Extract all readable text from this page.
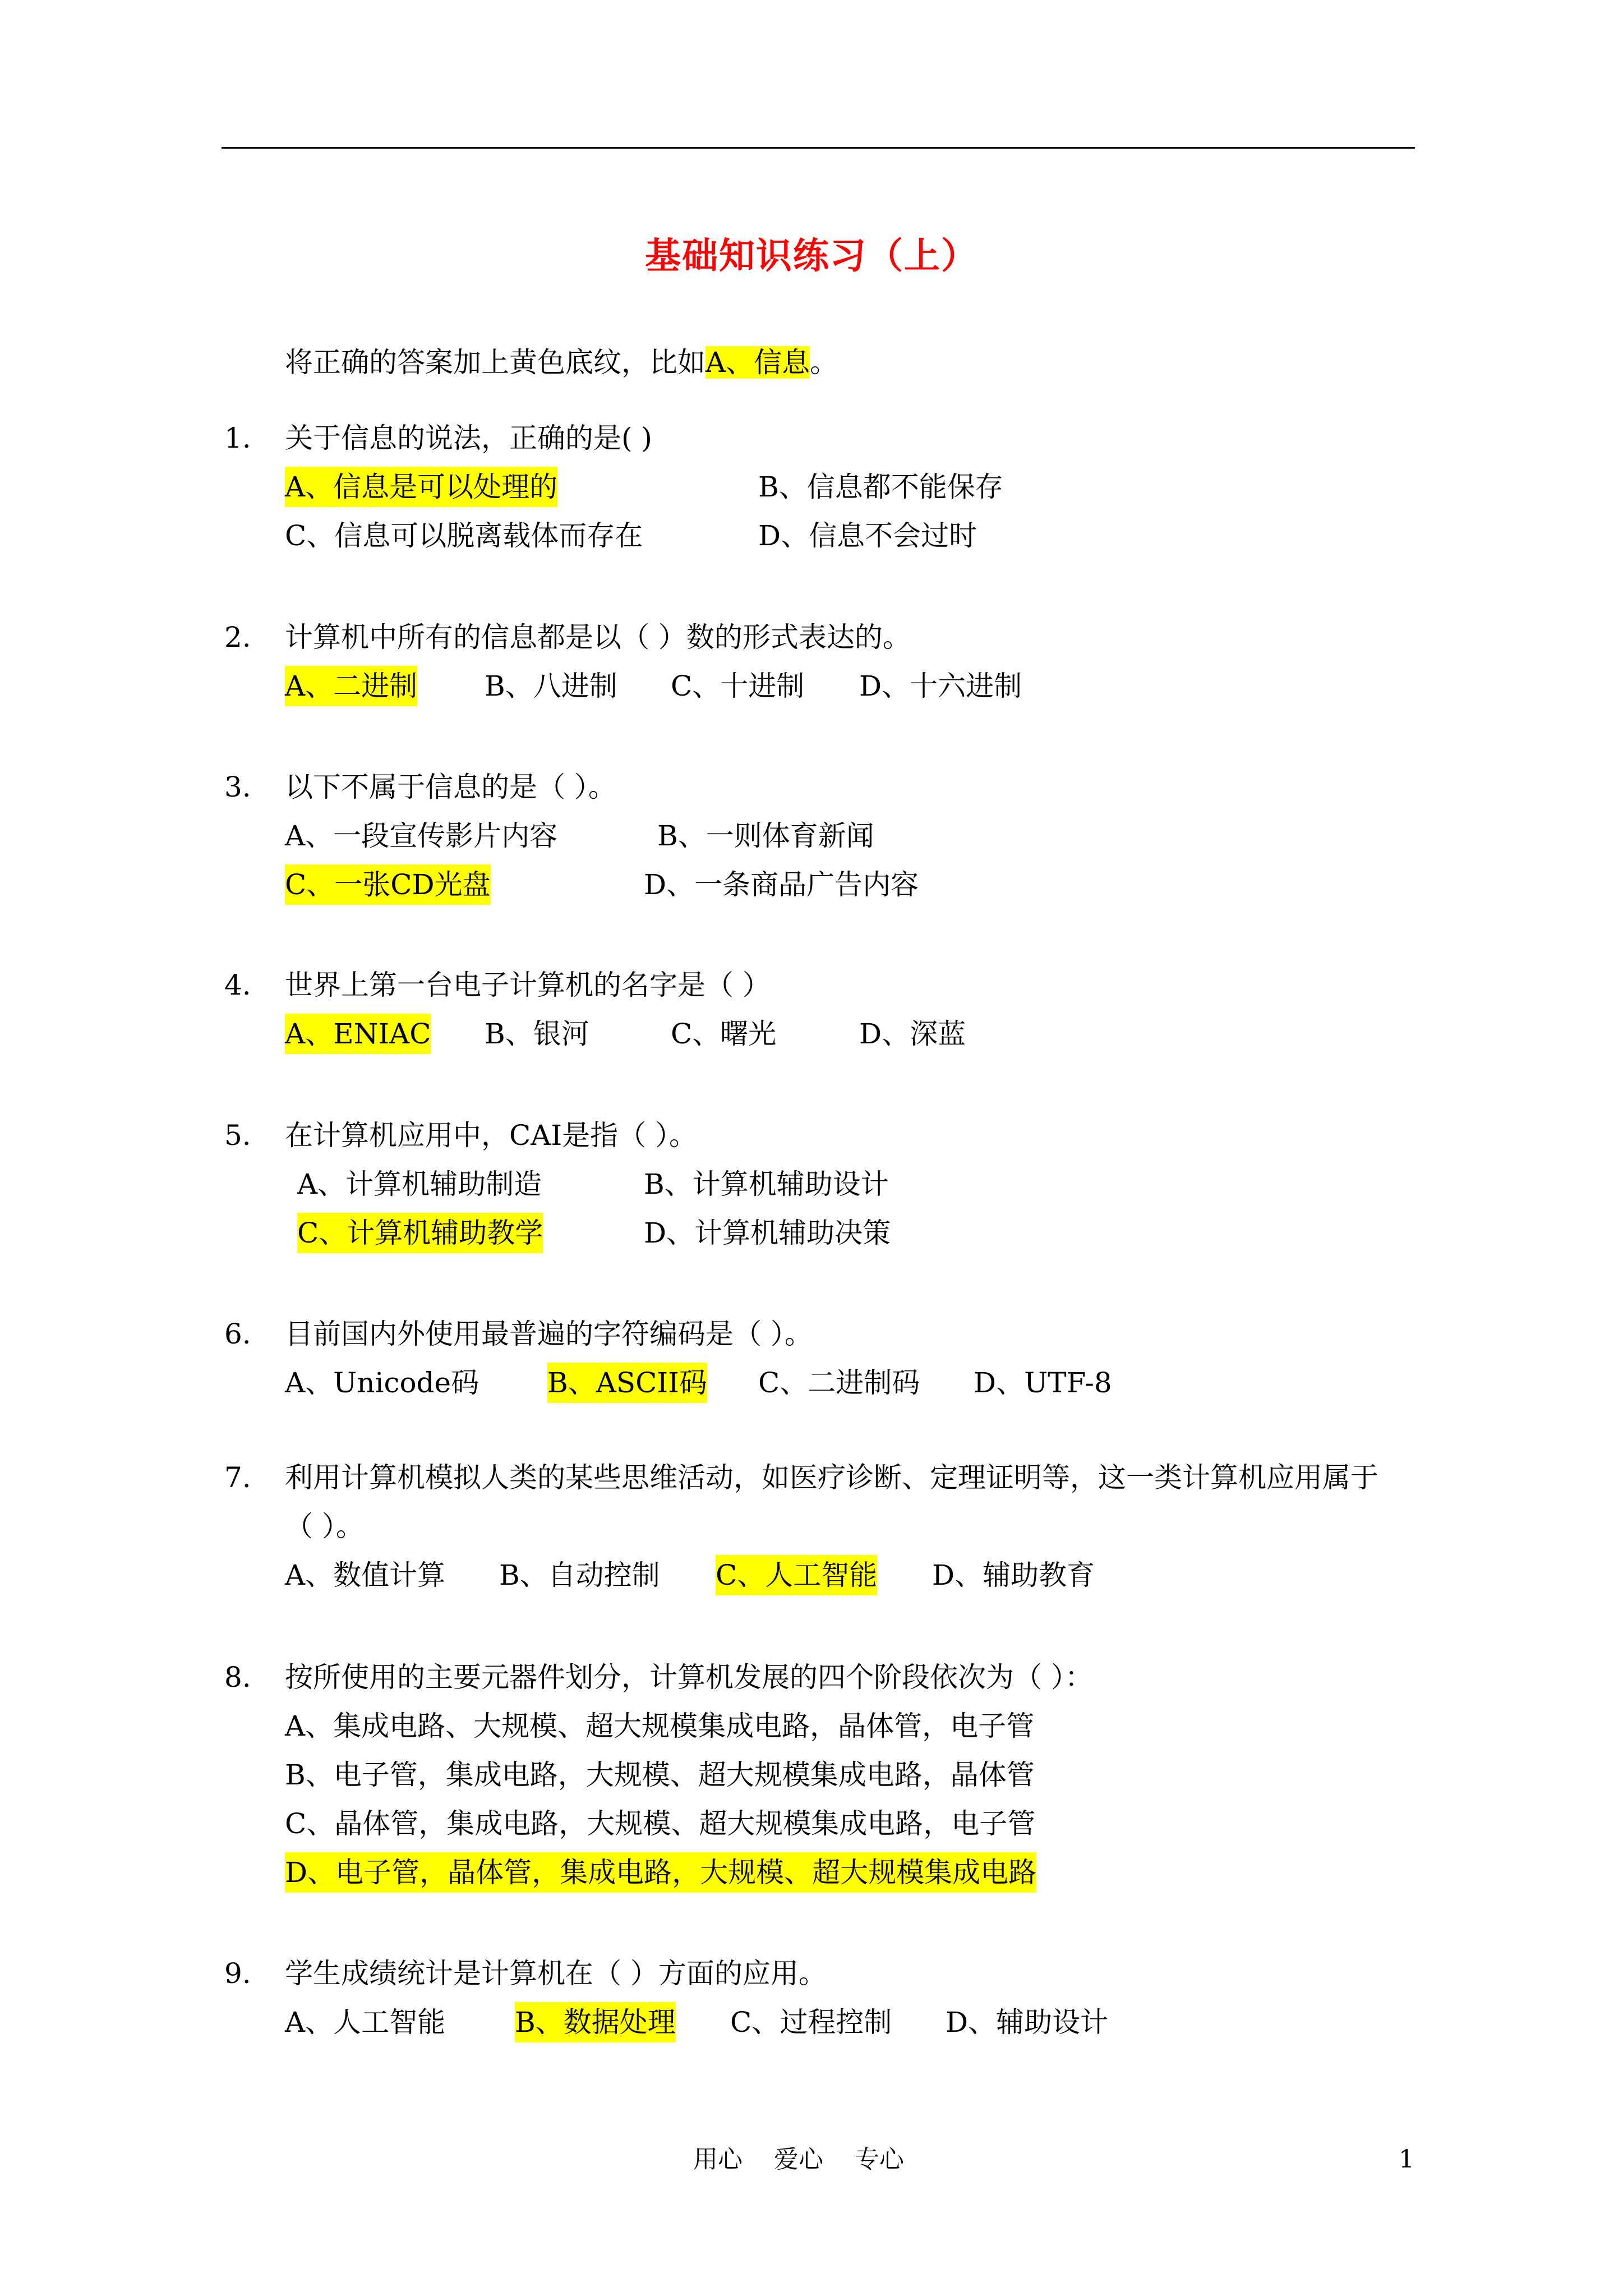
基础知识练习（上）
将正确的答案加上黄色底纹，比如A、信息。
1. 关于信息的说法，正确的是( )
A、信息是可以处理的	B、信息都不能保存
C、信息可以脱离载体而存在	D、信息不会过时
2. 计算机中所有的信息都是以（ ）数的形式表达的。
A、二进制 B、八进制 C、十进制 D、十六进制
3. 以下不属于信息的是（ ）。
A、一段宣传影片内容	B、一则体育新闻
C、一张CD光盘	D、一条商品广告内容
4. 世界上第一台电子计算机的名字是（ ）
A、ENIAC B、银河	C、曙光	D、深蓝
5. 在计算机应用中，CAI是指（ ）。
A、计算机辅助制造	B、计算机辅助设计
C、计算机辅助教学	D、计算机辅助决策
6. 目前国内外使用最普遍的字符编码是（ ）。
A、Unicode码 B、ASCII码 C、二进制码 D、UTF-8
7. 利用计算机模拟人类的某些思维活动，如医疗诊断、定理证明等，这一类计算机应用属于
（ ）。
A、数值计算 B、自动控制 C、人工智能 D、辅助教育
8. 按所使用的主要元器件划分，计算机发展的四个阶段依次为（ ）：
A、集成电路、大规模、超大规模集成电路，晶体管，电子管
B、电子管，集成电路，大规模、超大规模集成电路，晶体管
C、晶体管，集成电路，大规模、超大规模集成电路，电子管
D、电子管，晶体管，集成电路，大规模、超大规模集成电路
9. 学生成绩统计是计算机在（ ）方面的应用。
A、人工智能 B、数据处理 C、过程控制 D、辅助设计
用心    爱心    专心	1
